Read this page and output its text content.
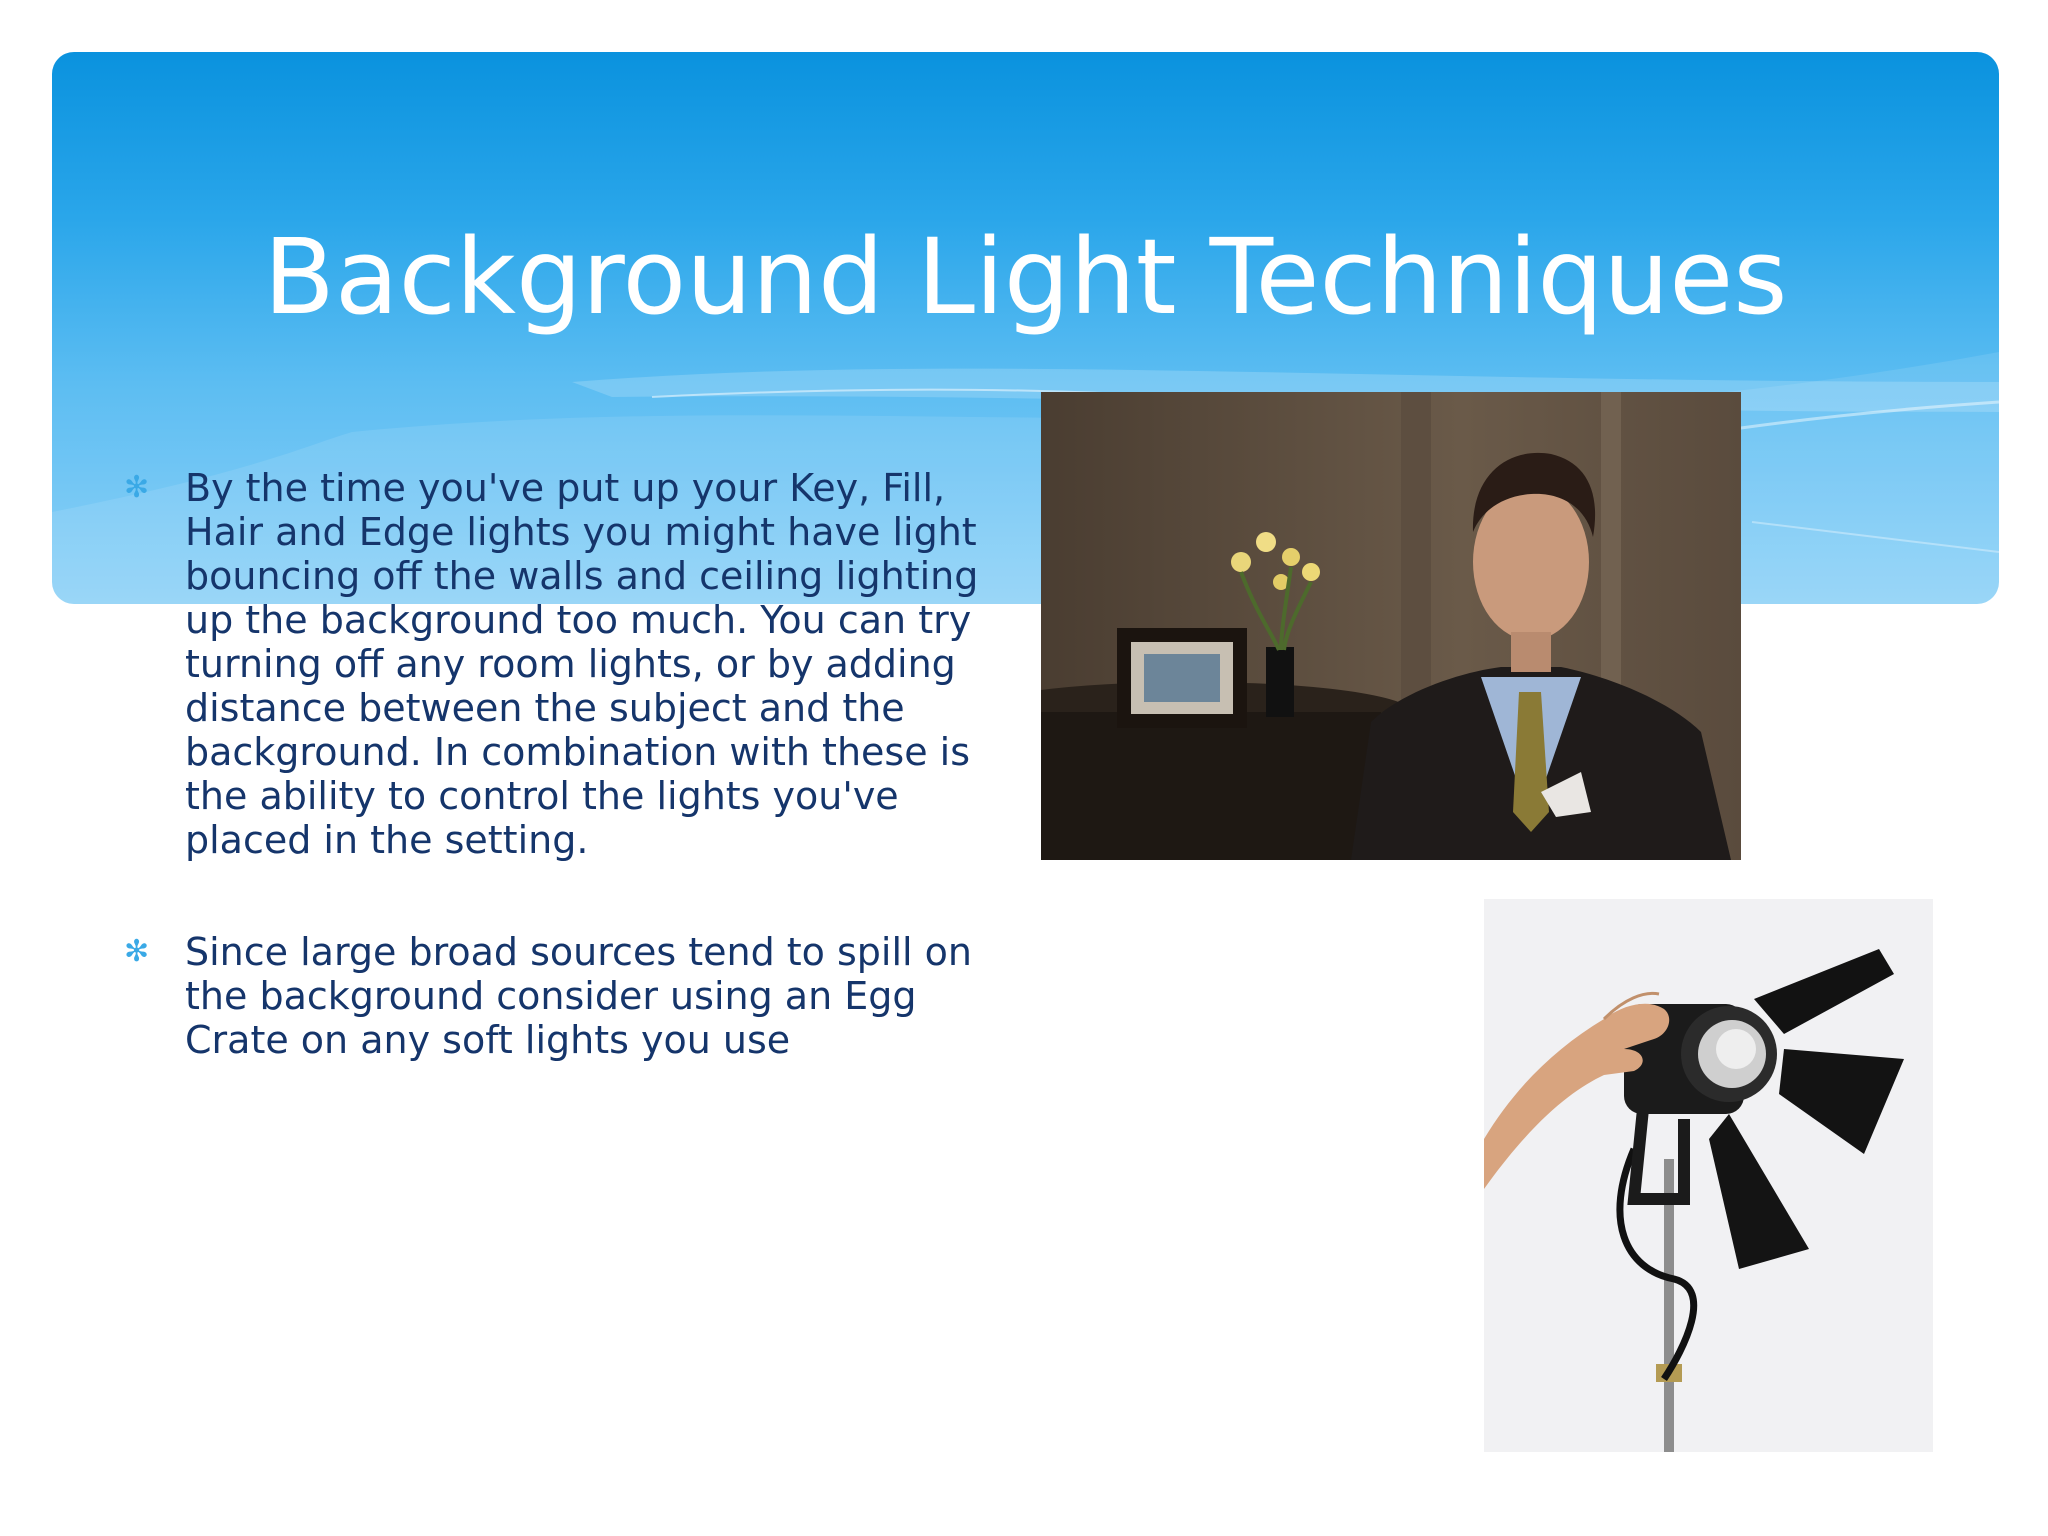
Background Light Techniques
✻ By the time you've put up your Key, Fill, Hair and Edge lights you might have light bouncing off the walls and ceiling lighting up the background too much. You can try turning off any room lights, or by adding distance between the subject and the background. In combination with these is the ability to control the lights you've placed in the setting.
✻ Since large broad sources tend to spill on the background consider using an Egg Crate on any soft lights you use
